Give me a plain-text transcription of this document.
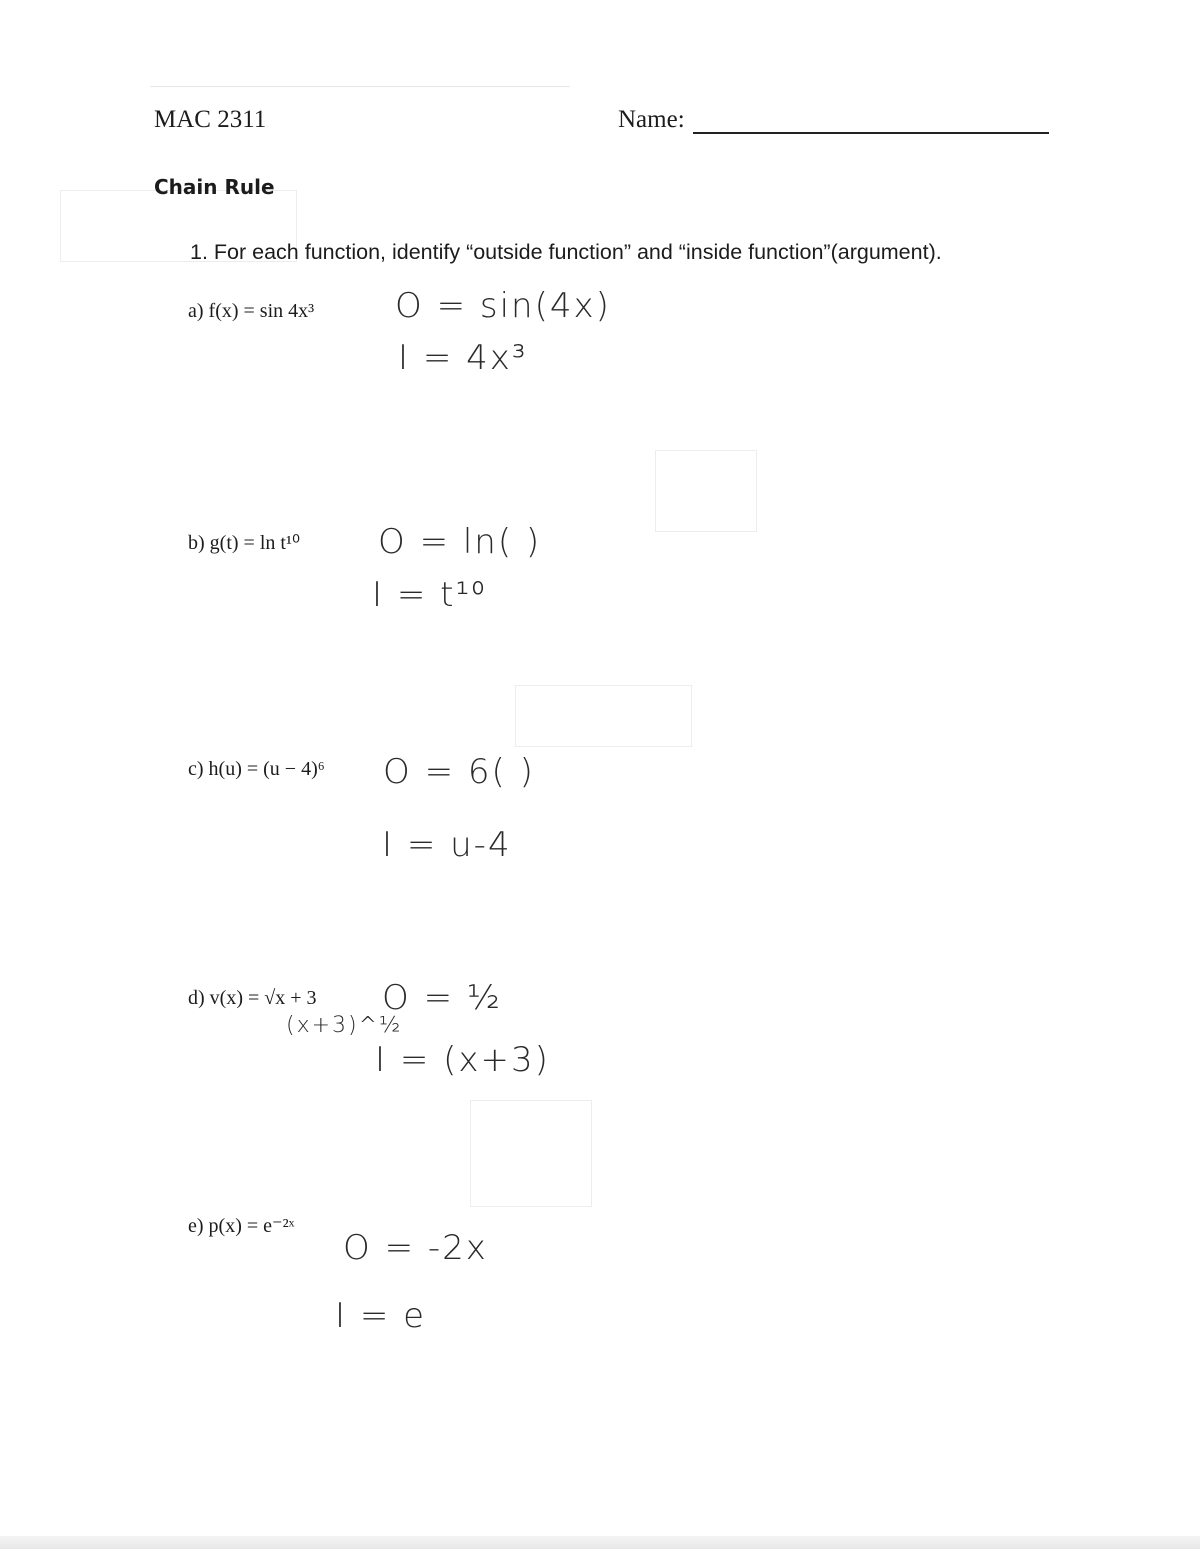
MAC 2311	Name:
Chain Rule
1. For each function, identify “outside function” and “inside function”(argument).
a) f(x) = sin 4x³ O = sin(4x)
I = 4x³
b) g(t) = ln t¹⁰ O = ln( )
I = t¹⁰
c) h(u) = (u − 4)⁶ O = 6( )
I = u-4
d) v(x) = √x + 3
(x+3)^½
O = ½
I = (x+3)
e) p(x) = e⁻²ˣ
O = -2x
I = e
